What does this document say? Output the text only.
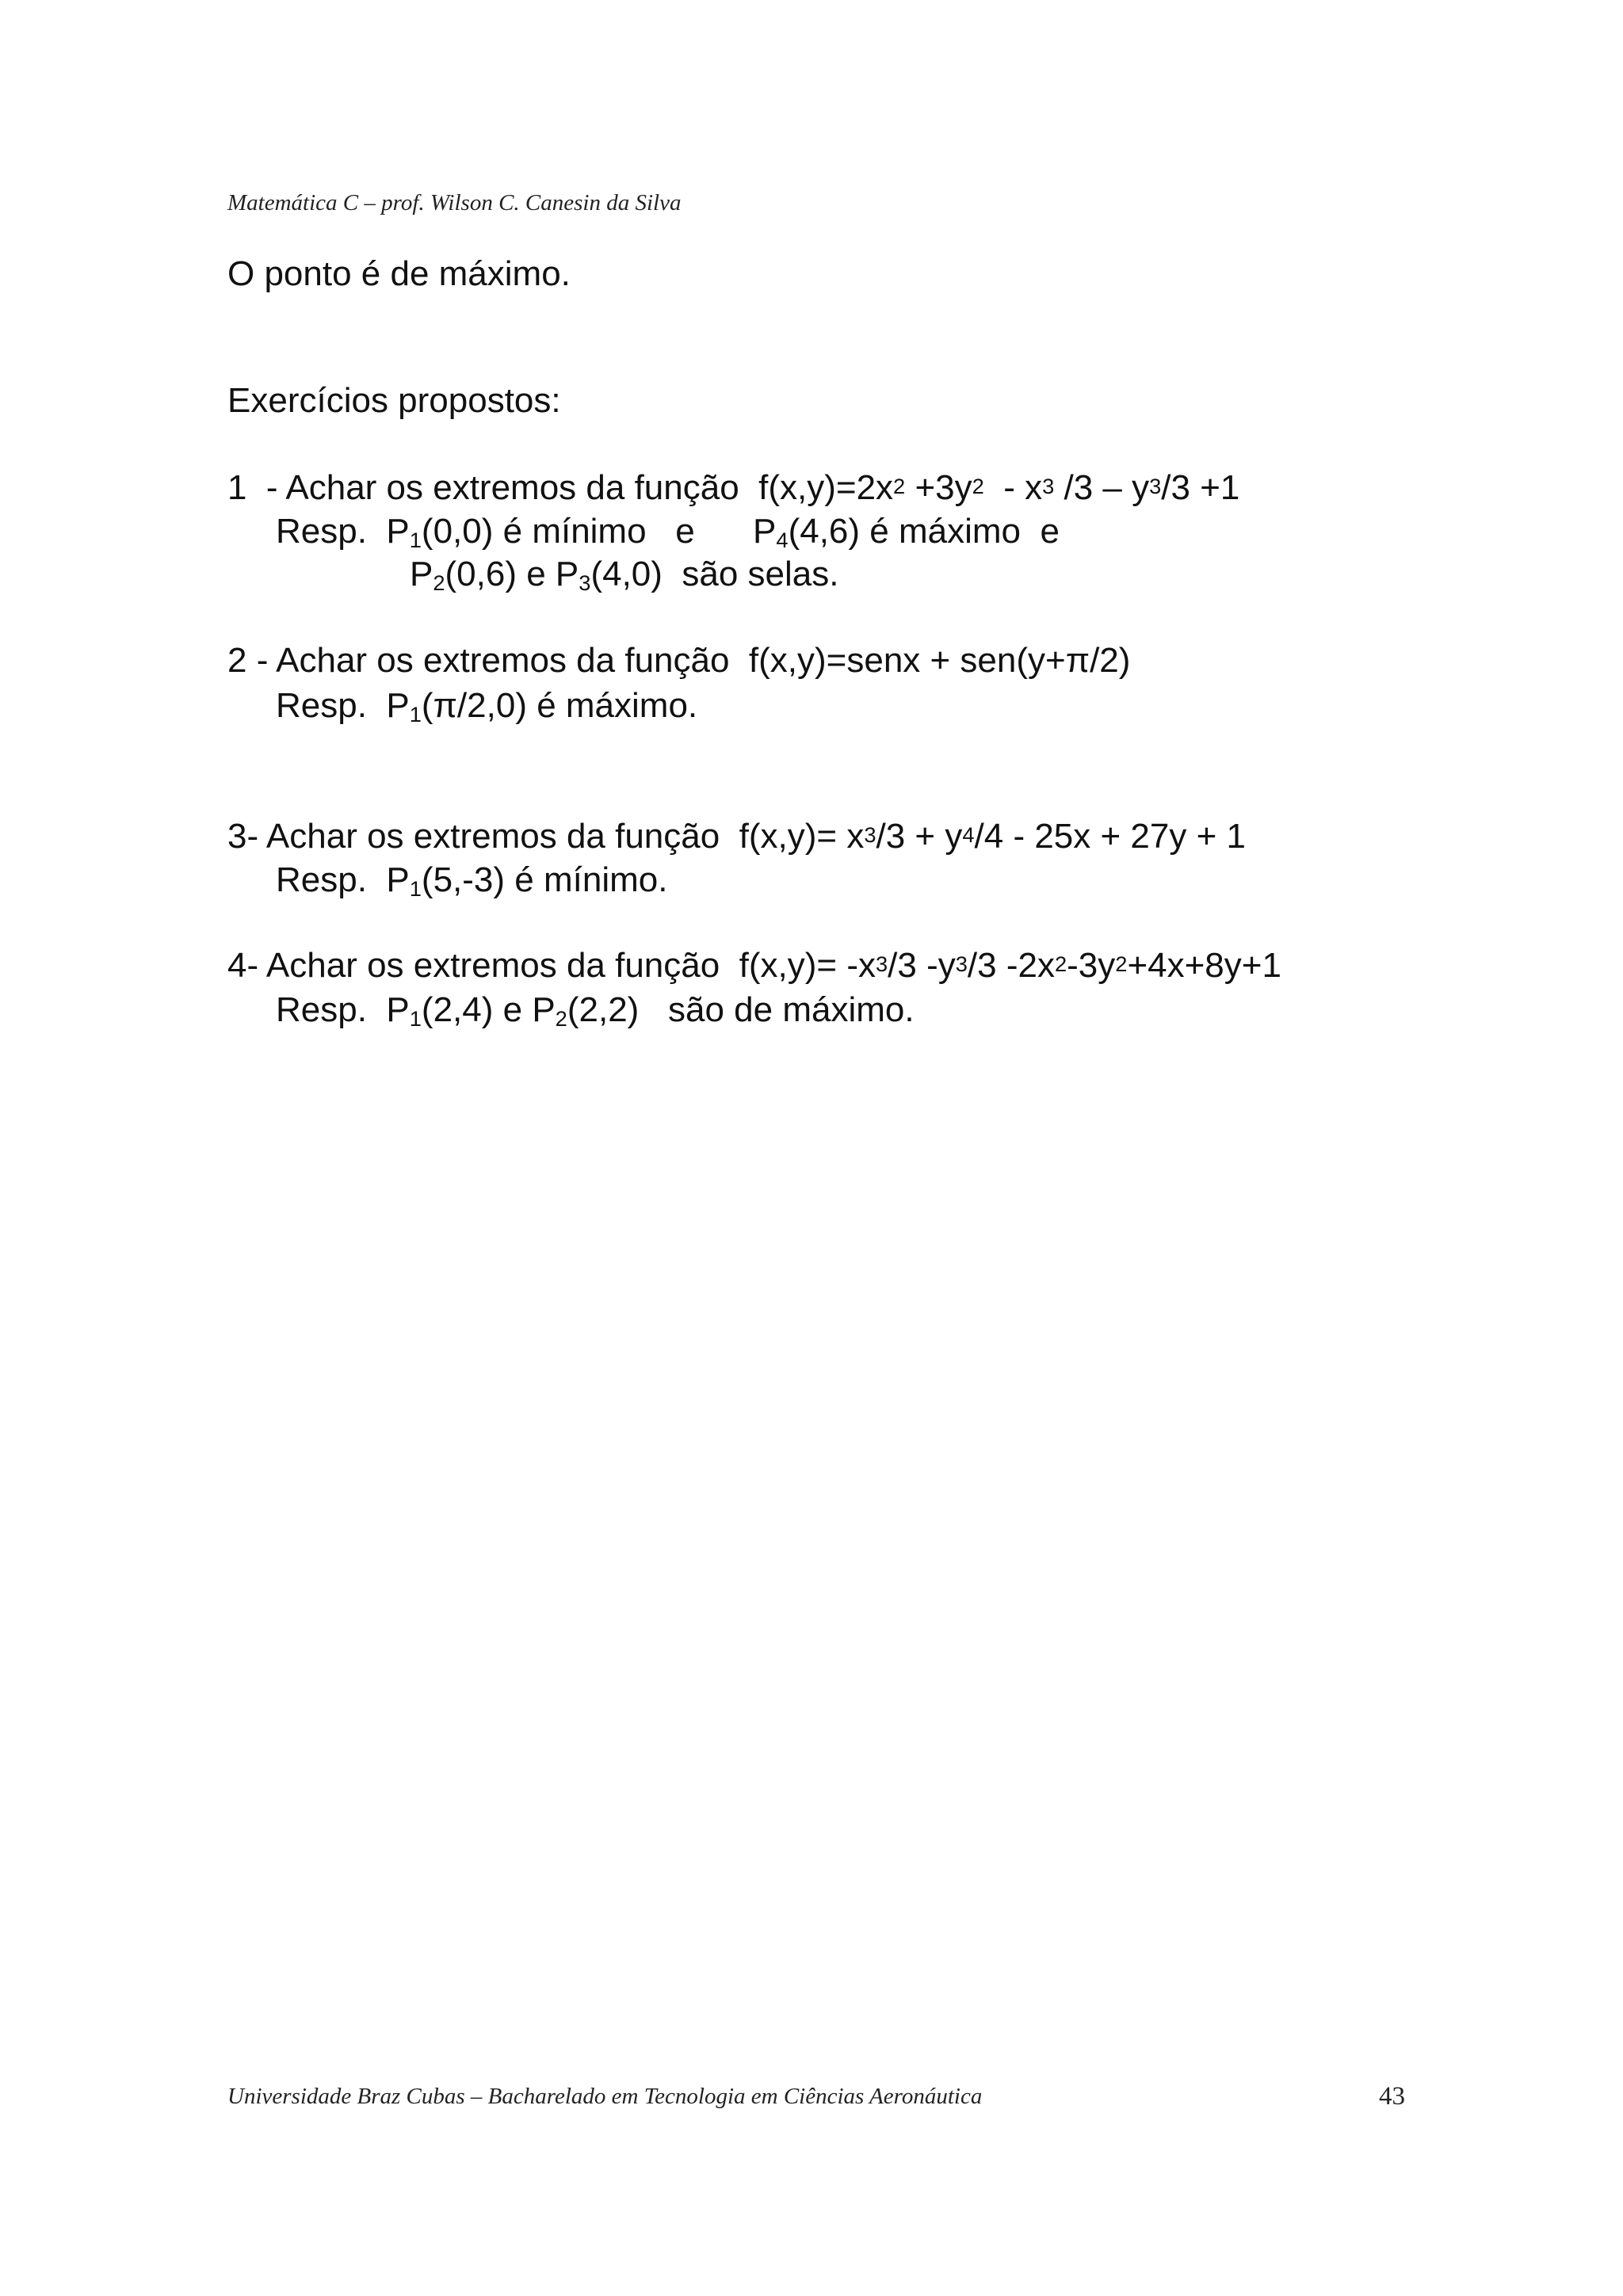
Matemática C – prof. Wilson C. Canesin da Silva
O ponto é de máximo.
Exercícios propostos:
1  - Achar os extremos da função  $f(x,y)=2x^2 +3y^2 - x^3$ $/3 - y^3/3 +1$
Resp.  $P_1(0,0)$ é mínimo   e      $P_4(4,6)$ é máximo  e
$P_2(0,6)$ e $P_3(4,0)$  são selas.
2 - Achar os extremos da função  f(x,y)=senx + sen(y+π/2)
Resp.  $P_1(\pi/2,0)$ é máximo.
3- Achar os extremos da função  $f(x,y)= x^3/3 + y^4/4 - 25x + 27y + 1$
Resp.  $P_1(5,-3)$ é mínimo.
4- Achar os extremos da função  $f(x,y)= -x^3/3$ $-y^3/3$ $-2x^2-3y^2+4x+8y+1$
Resp.  $P_1(2,4)$ e $P_2(2,2)$   são de máximo.
Universidade Braz Cubas – Bacharelado em Tecnologia em Ciências Aeronáutica	43
